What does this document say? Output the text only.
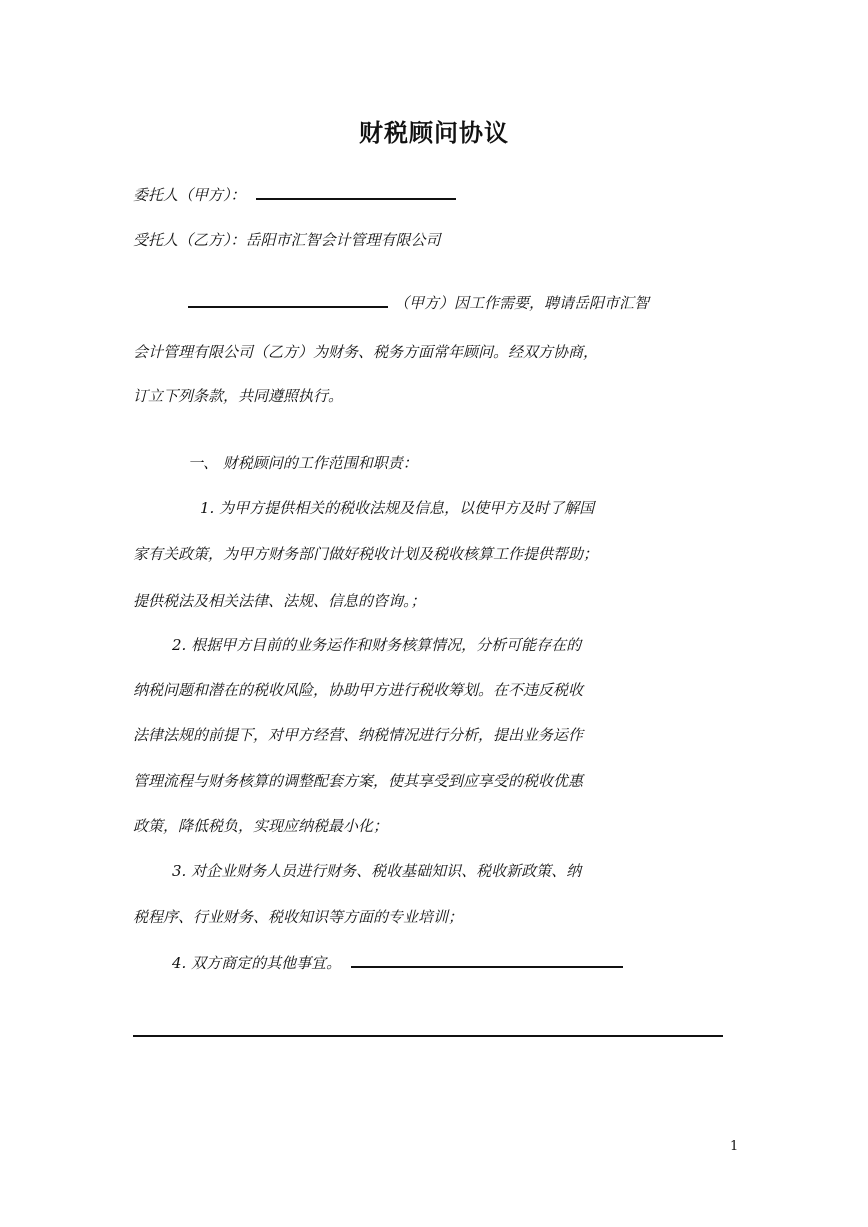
财税顾问协议
委托人（甲方）：
受托人（乙方）：岳阳市汇智会计管理有限公司
（甲方）因工作需要，聘请岳阳市汇智
会计管理有限公司（乙方）为财务、税务方面常年顾问。经双方协商，
订立下列条款，共同遵照执行。
一、 财税顾问的工作范围和职责：
1. 为甲方提供相关的税收法规及信息，以使甲方及时了解国
家有关政策，为甲方财务部门做好税收计划及税收核算工作提供帮助；
提供税法及相关法律、法规、信息的咨询。；
2. 根据甲方目前的业务运作和财务核算情况，分析可能存在的
纳税问题和潜在的税收风险，协助甲方进行税收筹划。在不违反税收
法律法规的前提下，对甲方经营、纳税情况进行分析，提出业务运作
管理流程与财务核算的调整配套方案，使其享受到应享受的税收优惠
政策，降低税负，实现应纳税最小化；
3. 对企业财务人员进行财务、税收基础知识、税收新政策、纳
税程序、行业财务、税收知识等方面的专业培训；
4. 双方商定的其他事宜。
1
